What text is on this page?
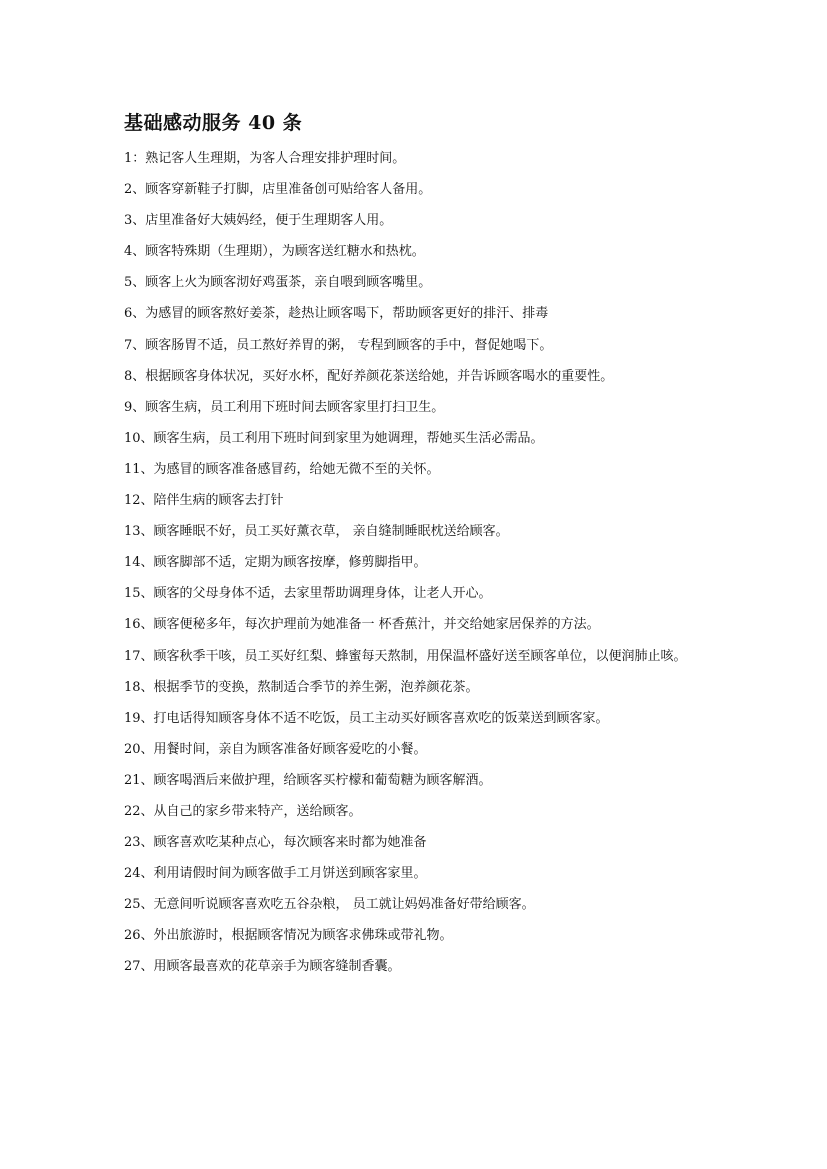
基础感动服务 40 条
1：熟记客人生理期，为客人合理安排护理时间。
2、顾客穿新鞋子打脚，店里准备创可贴给客人备用。
3、店里准备好大姨妈经，便于生理期客人用。
4、顾客特殊期（生理期），为顾客送红糖水和热枕。
5、顾客上火为顾客沏好鸡蛋茶，亲自喂到顾客嘴里。
6、为感冒的顾客熬好姜茶，趁热让顾客喝下，帮助顾客更好的排汗、排毒
7、顾客肠胃不适，员工熬好养胃的粥， 专程到顾客的手中，督促她喝下。
8、根据顾客身体状况，买好水杯，配好养颜花茶送给她，并告诉顾客喝水的重要性。
9、顾客生病，员工利用下班时间去顾客家里打扫卫生。
10、顾客生病，员工利用下班时间到家里为她调理，帮她买生活必需品。
11、为感冒的顾客准备感冒药，给她无微不至的关怀。
12、陪伴生病的顾客去打针
13、顾客睡眠不好，员工买好薰衣草， 亲自缝制睡眠枕送给顾客。
14、顾客脚部不适，定期为顾客按摩，修剪脚指甲。
15、顾客的父母身体不适，去家里帮助调理身体，让老人开心。
16、顾客便秘多年，每次护理前为她准备一 杯香蕉汁，并交给她家居保养的方法。
17、顾客秋季干咳，员工买好红梨、蜂蜜每天熬制，用保温杯盛好送至顾客单位，以便润肺止咳。
18、根据季节的变换，熬制适合季节的养生粥，泡养颜花茶。
19、打电话得知顾客身体不适不吃饭，员工主动买好顾客喜欢吃的饭菜送到顾客家。
20、用餐时间，亲自为顾客准备好顾客爱吃的小餐。
21、顾客喝酒后来做护理，给顾客买柠檬和葡萄糖为顾客解酒。
22、从自己的家乡带来特产，送给顾客。
23、顾客喜欢吃某种点心，每次顾客来时都为她准备
24、利用请假时间为顾客做手工月饼送到顾客家里。
25、无意间听说顾客喜欢吃五谷杂粮， 员工就让妈妈准备好带给顾客。
26、外出旅游时，根据顾客情况为顾客求佛珠或带礼物。
27、用顾客最喜欢的花草亲手为顾客缝制香囊。
